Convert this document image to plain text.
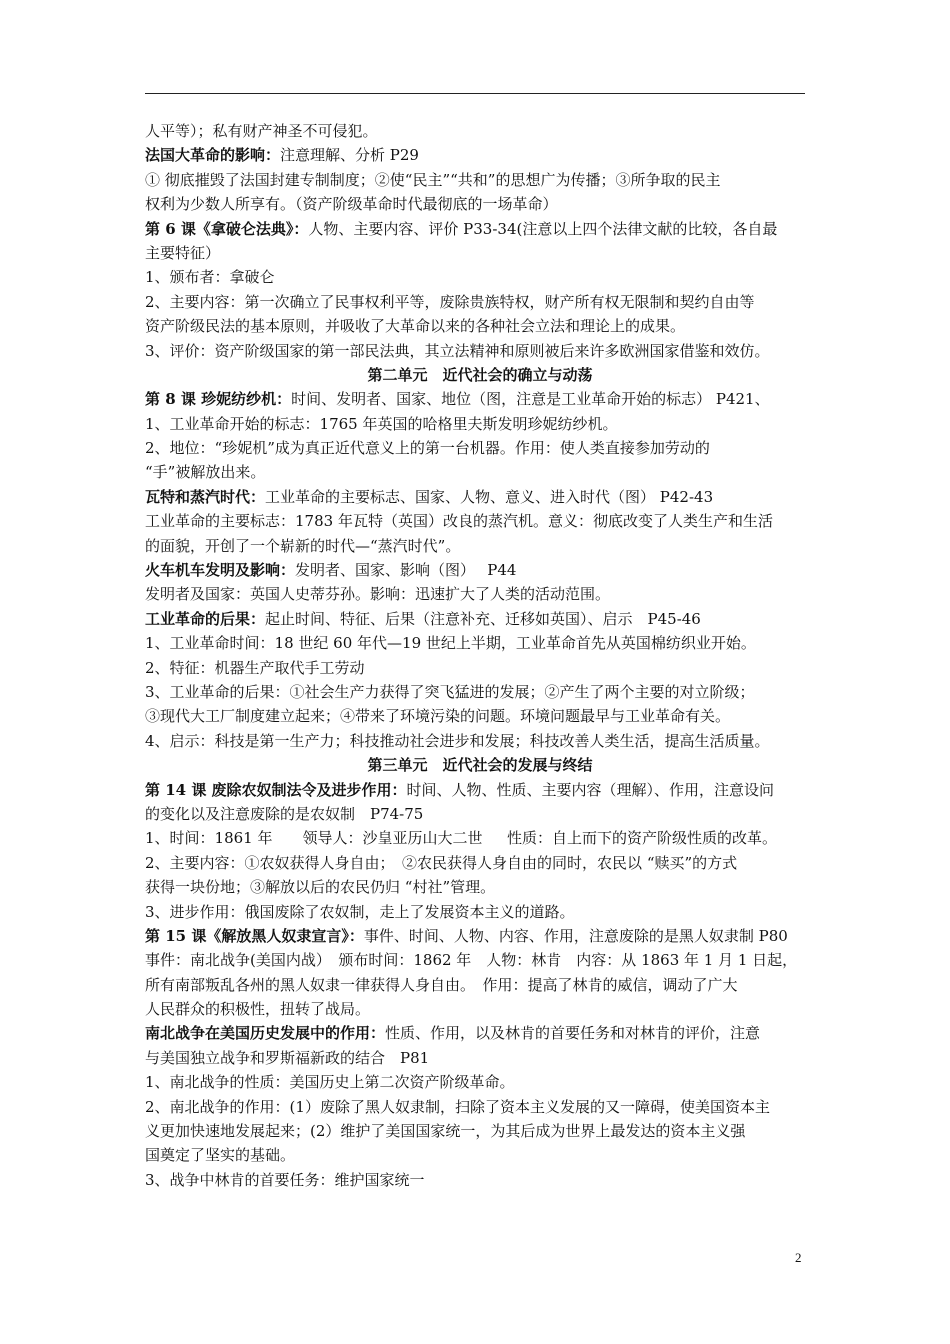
人平等）；私有财产神圣不可侵犯。
法国大革命的影响：注意理解、分析 P29
① 彻底摧毁了法国封建专制制度；②使“民主”“共和”的思想广为传播；③所争取的民主
权利为少数人所享有。（资产阶级革命时代最彻底的一场革命）
第 6 课《拿破仑法典》：人物、主要内容、评价 P33-34(注意以上四个法律文献的比较，各自最
主要特征）
1、颁布者：拿破仑
2、主要内容：第一次确立了民事权利平等，废除贵族特权，财产所有权无限制和契约自由等
资产阶级民法的基本原则，并吸收了大革命以来的各种社会立法和理论上的成果。
3、评价：资产阶级国家的第一部民法典，其立法精神和原则被后来许多欧洲国家借鉴和效仿。
第二单元　近代社会的确立与动荡
第 8 课 珍妮纺纱机：时间、发明者、国家、地位（图，注意是工业革命开始的标志） P421、
1、工业革命开始的标志：1765 年英国的哈格里夫斯发明珍妮纺纱机。
2、地位：“珍妮机”成为真正近代意义上的第一台机器。作用：使人类直接参加劳动的
“手”被解放出来。
瓦特和蒸汽时代：工业革命的主要标志、国家、人物、意义、进入时代（图） P42-43
工业革命的主要标志：1783 年瓦特（英国）改良的蒸汽机。意义：彻底改变了人类生产和生活
的面貌，开创了一个崭新的时代—“蒸汽时代”。
火车机车发明及影响：发明者、国家、影响（图）　 P44
发明者及国家：英国人史蒂芬孙。影响：迅速扩大了人类的活动范围。
工业革命的后果：起止时间、特征、后果（注意补充、迁移如英国）、启示　P45-46
1、工业革命时间：18 世纪 60 年代—19 世纪上半期，工业革命首先从英国棉纺织业开始。
2、特征：机器生产取代手工劳动
3、工业革命的后果：①社会生产力获得了突飞猛进的发展；②产生了两个主要的对立阶级；
③现代大工厂制度建立起来；④带来了环境污染的问题。环境问题最早与工业革命有关。
4、启示：科技是第一生产力；科技推动社会进步和发展；科技改善人类生活，提高生活质量。
第三单元　近代社会的发展与终结
第 14 课 废除农奴制法令及进步作用：时间、人物、性质、主要内容（理解）、作用，注意设问
的变化以及注意废除的是农奴制　P74-75
1、时间：1861 年　　领导人：沙皇亚历山大二世 　 性质：自上而下的资产阶级性质的改革。
2、主要内容：①农奴获得人身自由；　②农民获得人身自由的同时，农民以 “赎买”的方式
获得一块份地；③解放以后的农民仍归 “村社”管理。
3、进步作用：俄国废除了农奴制，走上了发展资本主义的道路。
第 15 课《解放黑人奴隶宣言》：事件、时间、人物、内容、作用，注意废除的是黑人奴隶制 P80
事件：南北战争(美国内战）　颁布时间：1862 年　人物：林肯　内容：从 1863 年 1 月 1 日起，
所有南部叛乱各州的黑人奴隶一律获得人身自由。　作用：提高了林肯的威信，调动了广大
人民群众的积极性，扭转了战局。
南北战争在美国历史发展中的作用：性质、作用，以及林肯的首要任务和对林肯的评价，注意
与美国独立战争和罗斯福新政的结合　P81
1、南北战争的性质：美国历史上第二次资产阶级革命。
2、南北战争的作用：(1）废除了黑人奴隶制，扫除了资本主义发展的又一障碍，使美国资本主
义更加快速地发展起来；(2）维护了美国国家统一，为其后成为世界上最发达的资本主义强
国奠定了坚实的基础。
3、战争中林肯的首要任务：维护国家统一
2
